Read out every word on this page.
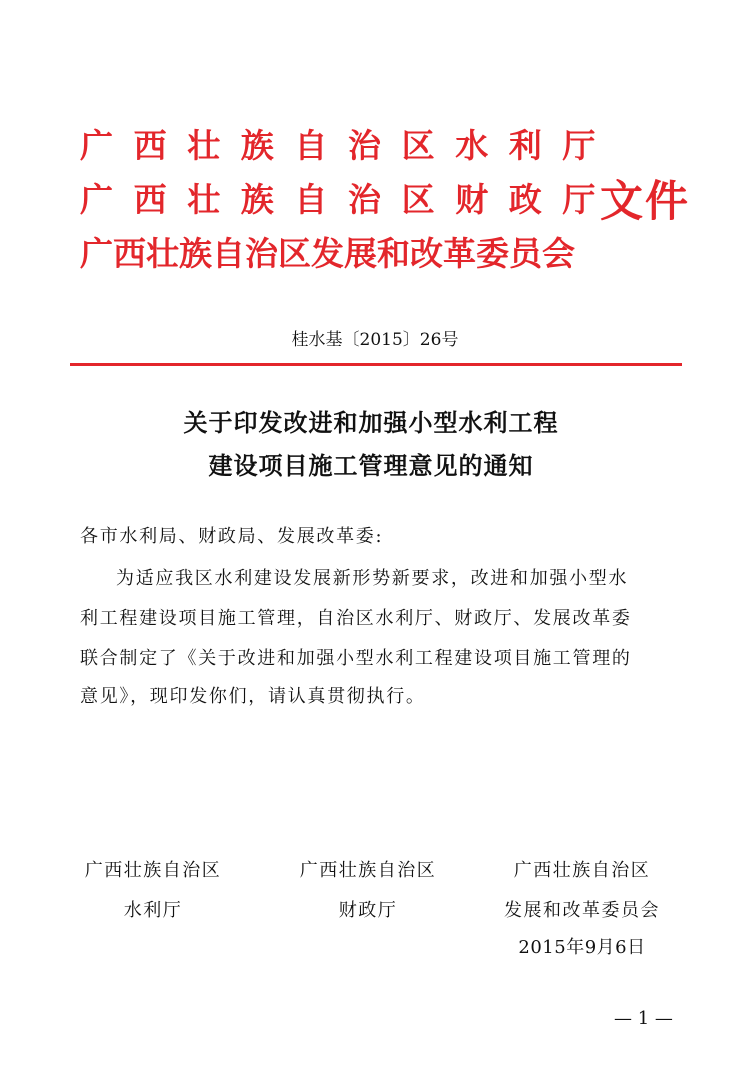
广西壮族自治区水利厅
广西壮族自治区财政厅
广西壮族自治区发展和改革委员会
文件
桂水基〔2015〕26号
关于印发改进和加强小型水利工程
建设项目施工管理意见的通知
各市水利局、财政局、发展改革委:
为适应我区水利建设发展新形势新要求，改进和加强小型水
利工程建设项目施工管理，自治区水利厅、财政厅、发展改革委
联合制定了《关于改进和加强小型水利工程建设项目施工管理的
意见》，现印发你们，请认真贯彻执行。
广西壮族自治区
水利厅
广西壮族自治区
财政厅
广西壮族自治区
发展和改革委员会
2015年9月6日
— 1 —
